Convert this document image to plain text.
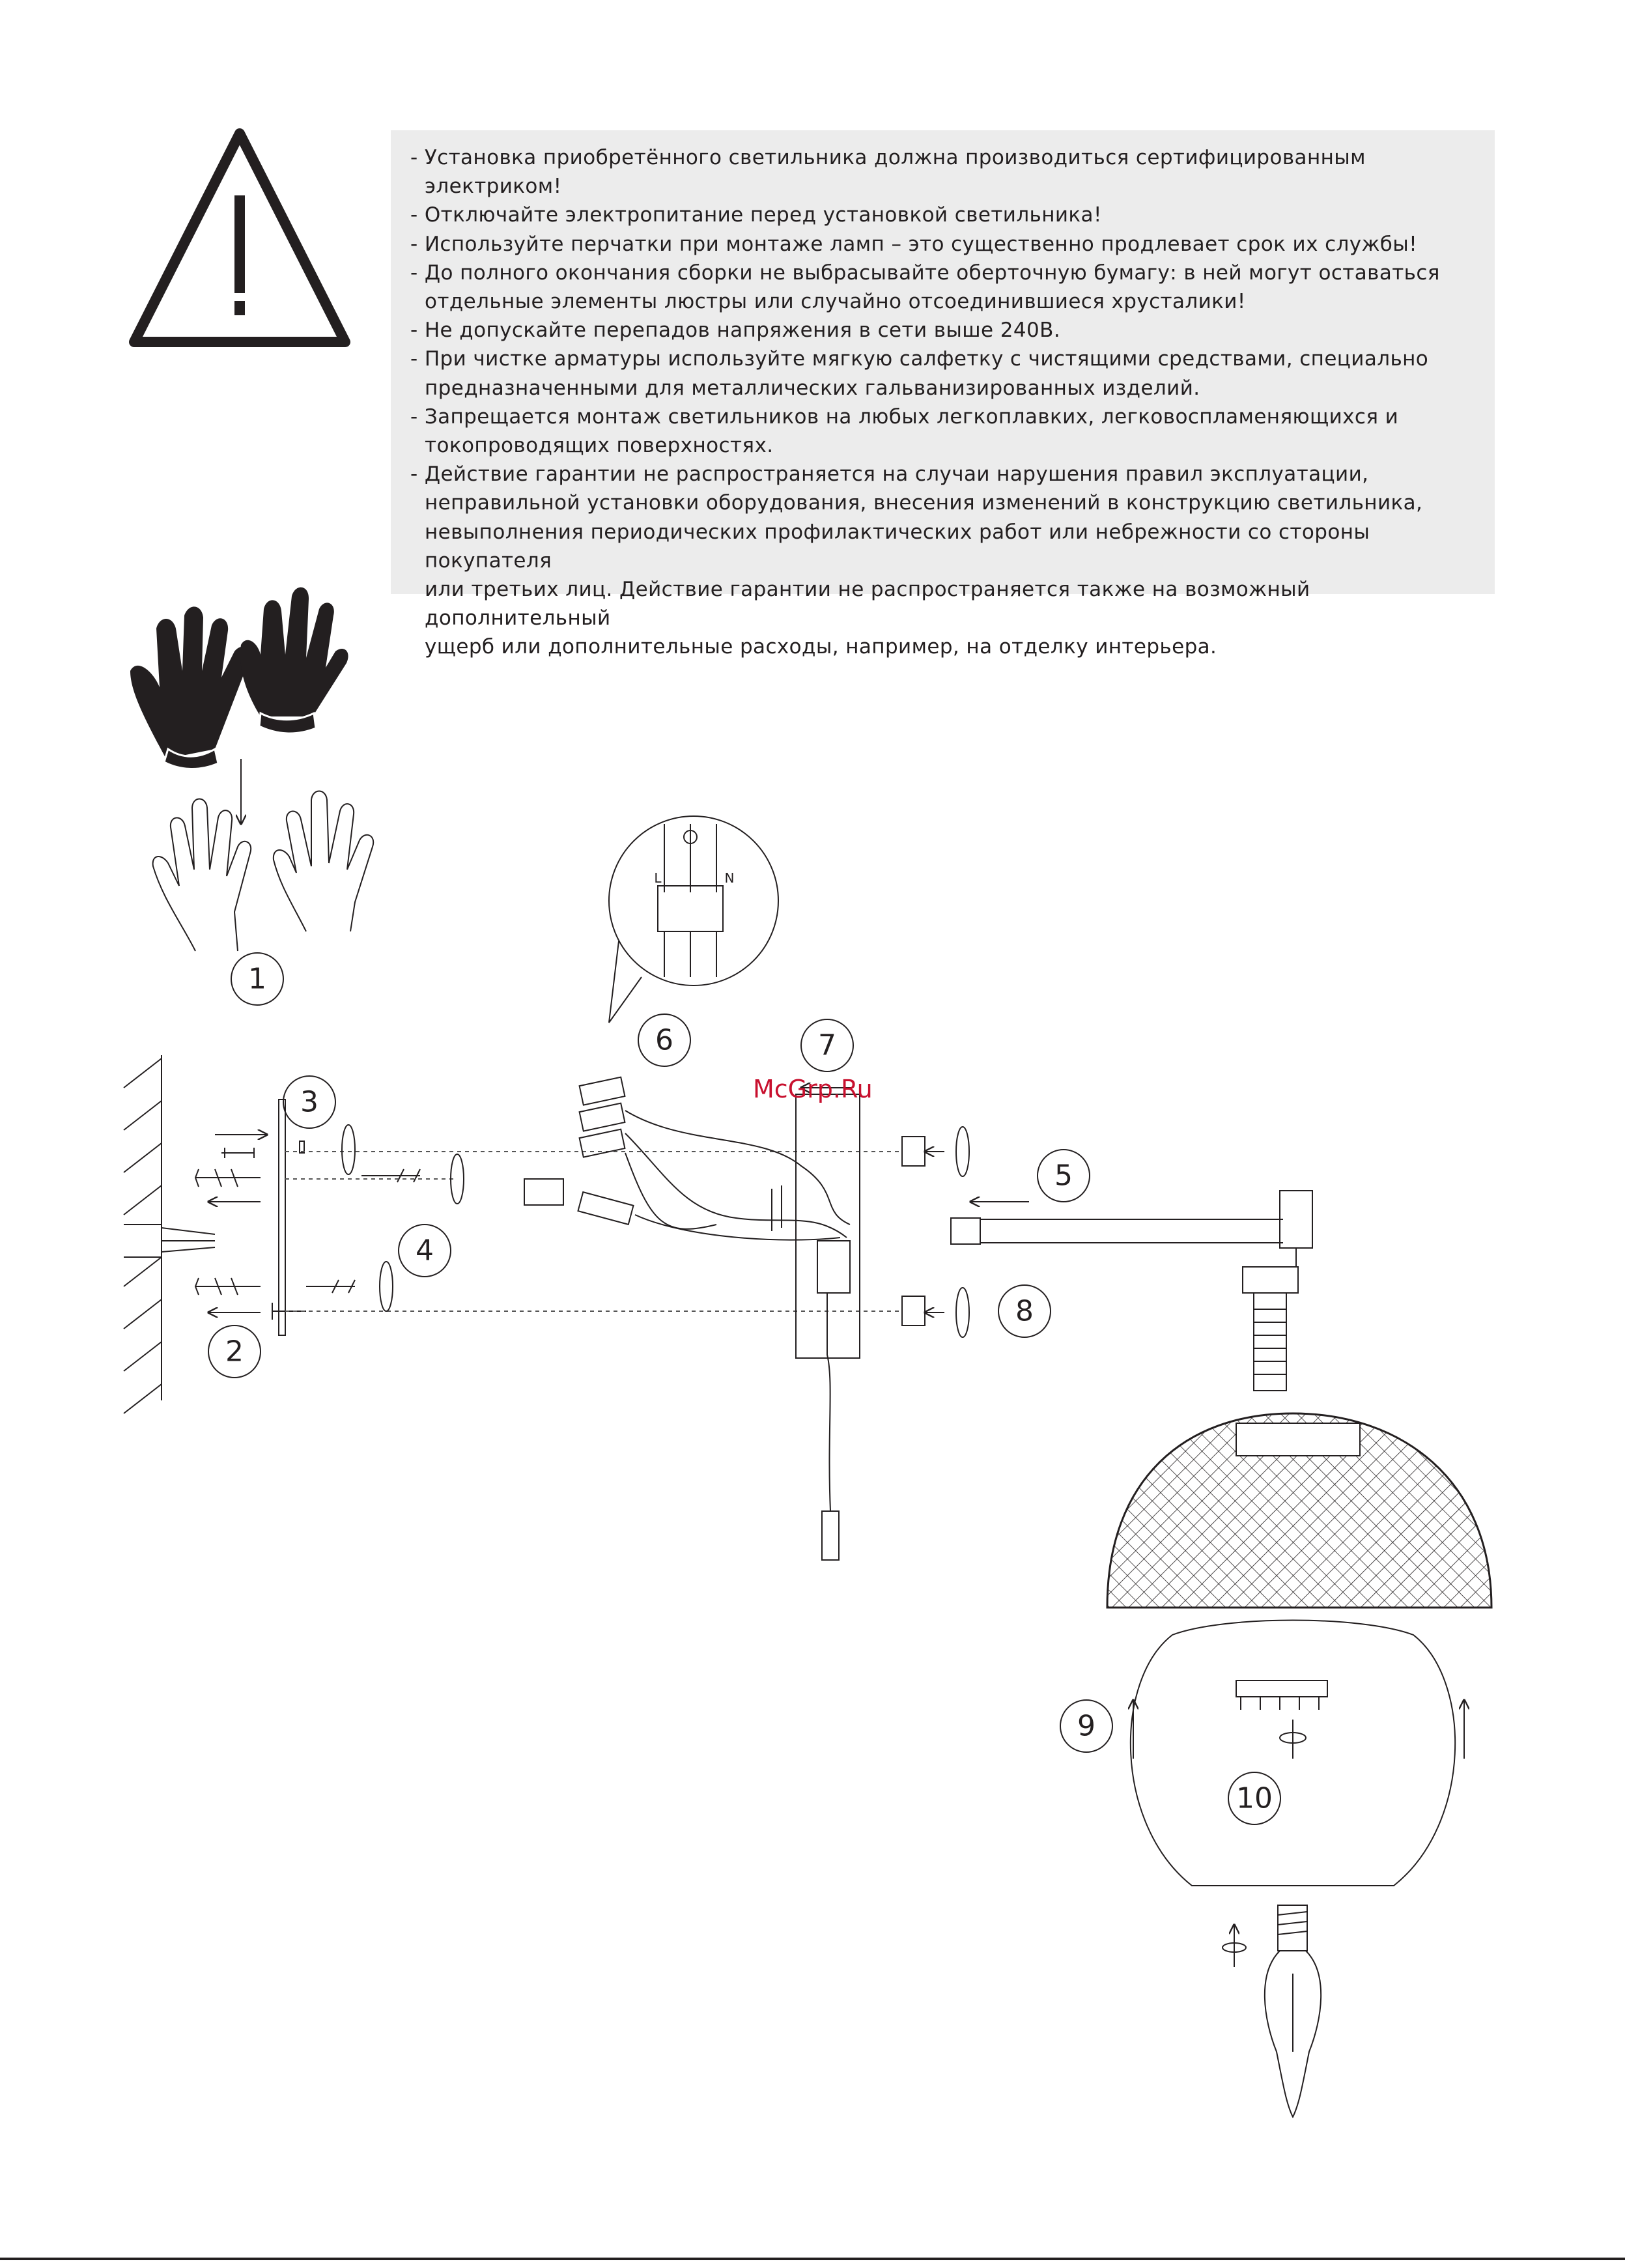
- Установка приобретённого светильника должна производиться сертифицированным электриком!
- Отключайте электропитание перед установкой светильника!
- Используйте перчатки при монтаже ламп – это существенно продлевает срок их службы!
- До полного окончания сборки не выбрасывайте оберточную бумагу: в ней могут оставаться
отдельные элементы люстры или случайно отсоединившиеся хрусталики!
- Не допускайте перепадов напряжения в сети выше 240В.
- При чистке арматуры используйте мягкую салфетку с чистящими средствами, специально
предназначенными для металлических гальванизированных изделий.
- Запрещается монтаж светильников на любых легкоплавких, легковоспламеняющихся и
токопроводящих поверхностях.
- Действие гарантии не распространяется на случаи нарушения правил эксплуатации,
неправильной установки оборудования, внесения изменений в конструкцию светильника,
невыполнения периодических профилактических работ или небрежности со стороны покупателя
или третьих лиц. Действие гарантии не распространяется также на возможный дополнительный
ущерб или дополнительные расходы, например, на отделку интерьера.
L	N
1
2
3
4
5
6	7
8
9
10
McGrp.Ru
